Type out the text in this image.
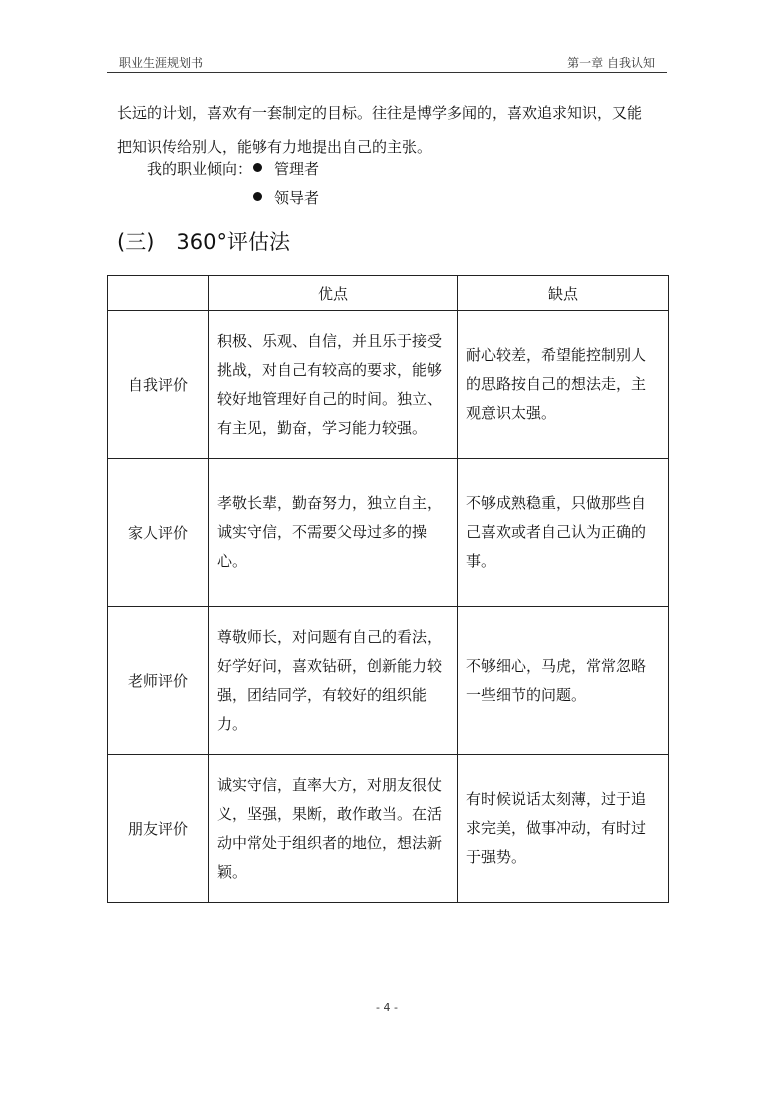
职业生涯规划书	第一章 自我认知

长远的计划，喜欢有一套制定的目标。往往是博学多闻的，喜欢追求知识，又能

把知识传给别人，能够有力地提出自己的主张。

我的职业倾向：	管理者
领导者
(三) 360°评估法
	优点	缺点
自我评价	积极、乐观、自信，并且乐于接受挑战，对自己有较高的要求，能够较好地管理好自己的时间。独立、有主见，勤奋，学习能力较强。	耐心较差，希望能控制别人的思路按自己的想法走，主观意识太强。
家人评价	孝敬长辈，勤奋努力，独立自主，诚实守信，不需要父母过多的操心。	不够成熟稳重，只做那些自己喜欢或者自己认为正确的事。
老师评价	尊敬师长，对问题有自己的看法，好学好问，喜欢钻研，创新能力较强，团结同学，有较好的组织能力。	不够细心，马虎，常常忽略一些细节的问题。
朋友评价	诚实守信，直率大方，对朋友很仗义，坚强，果断，敢作敢当。在活动中常处于组织者的地位，想法新颖。	有时候说话太刻薄，过于追求完美，做事冲动，有时过于强势。
- 4 -
